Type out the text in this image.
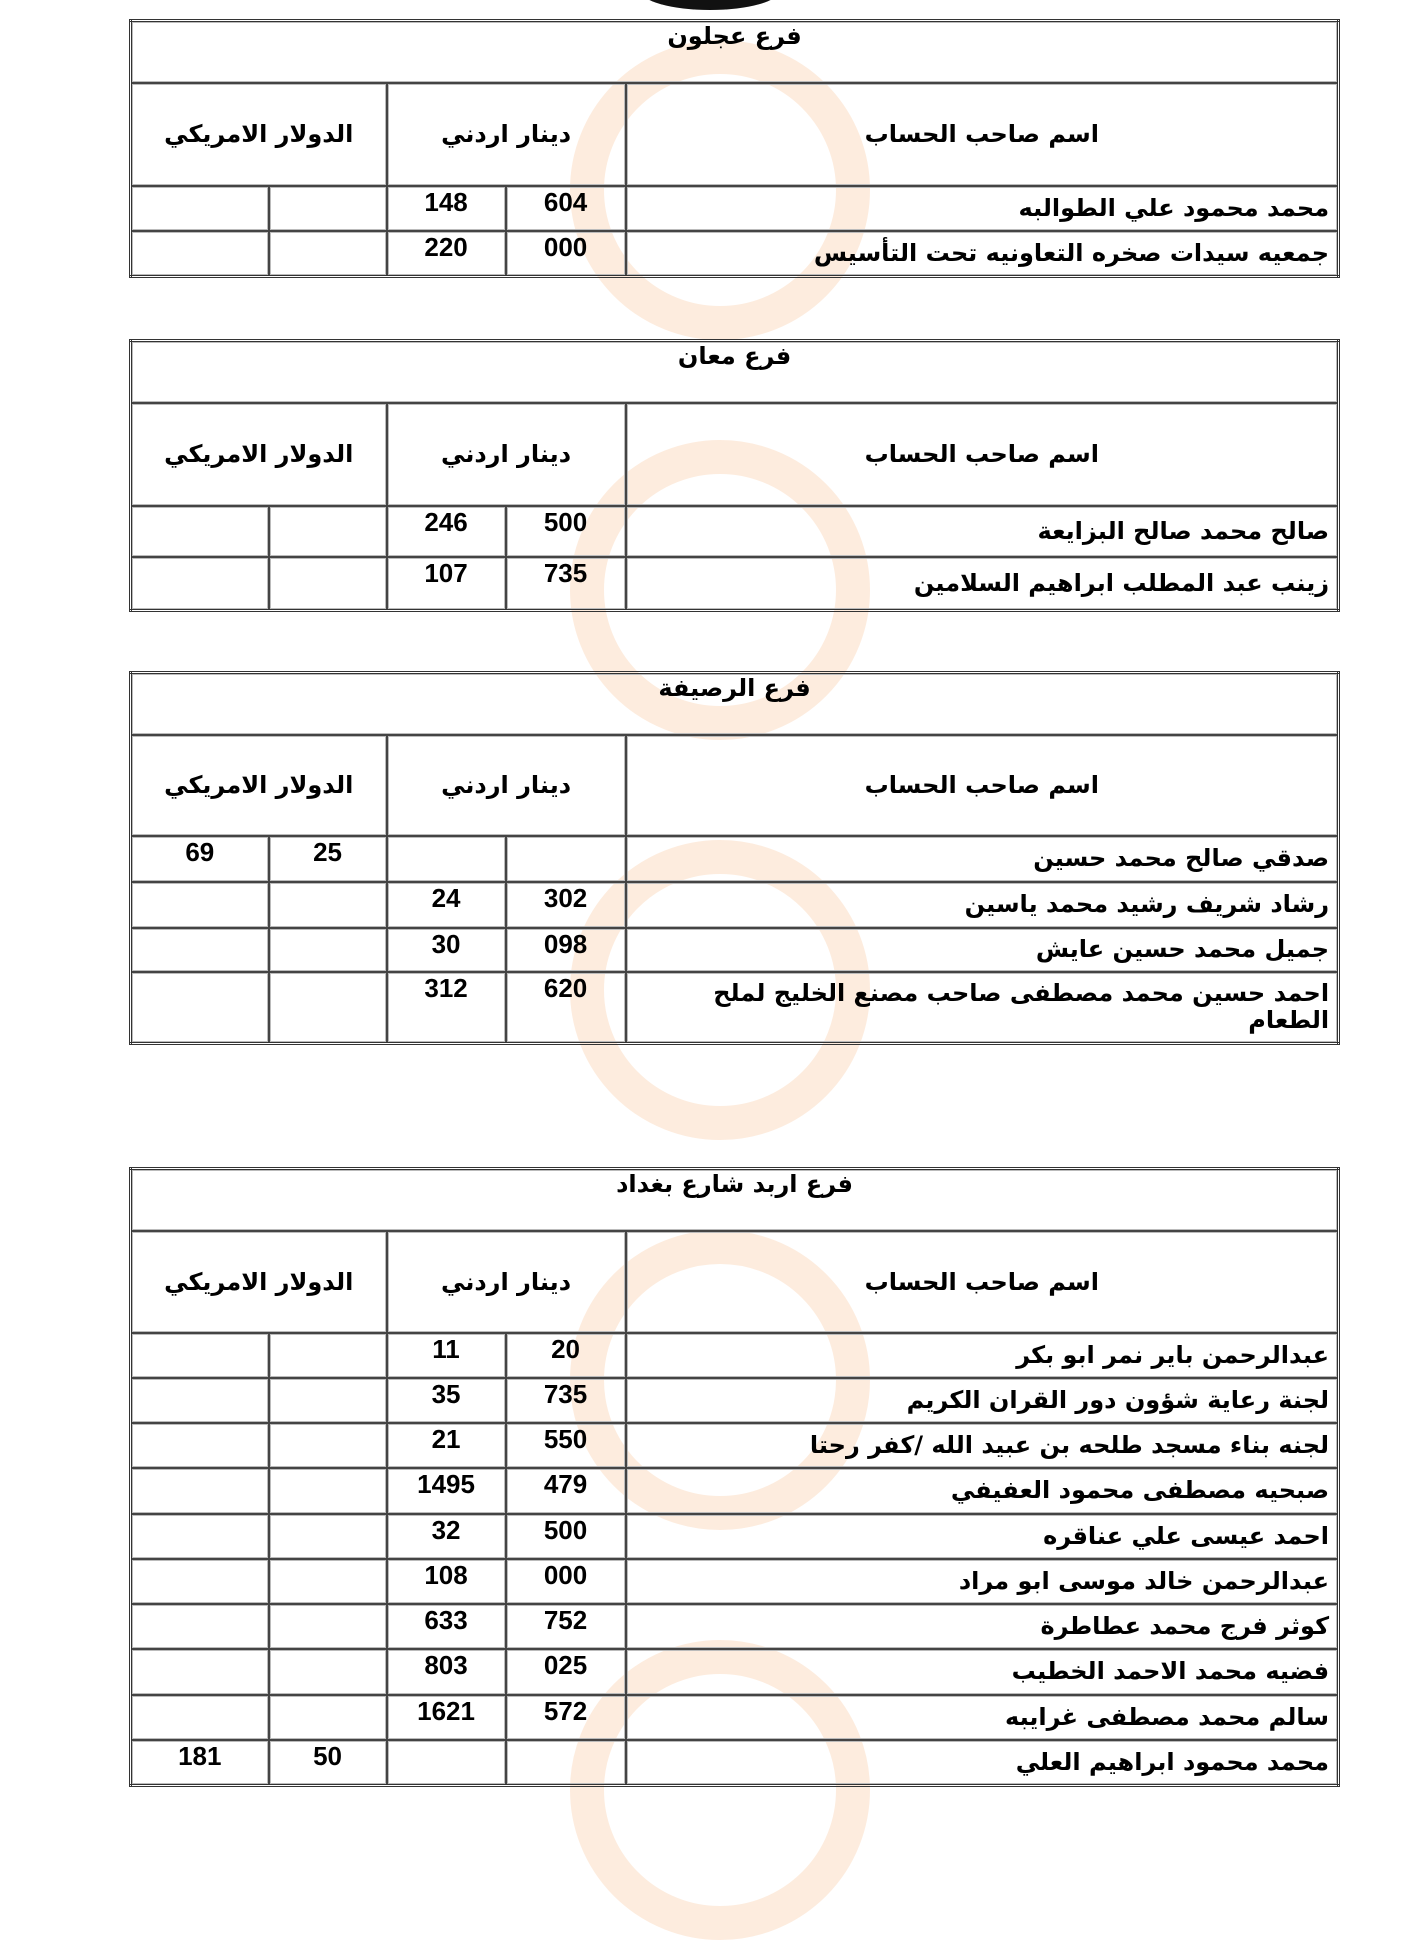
فرع عجلون				
اسم صاحب الحساب	دينار اردني		الدولار الامريكي	
محمد محمود علي الطوالبه	604	148		
جمعيه سيدات صخره التعاونيه تحت التأسيس	000	220		
فرع معان				
اسم صاحب الحساب	دينار اردني		الدولار الامريكي	
صالح محمد صالح البزايعة	500	246		
زينب عبد المطلب ابراهيم السلامين	735	107		
فرع الرصيفة				
اسم صاحب الحساب	دينار اردني		الدولار الامريكي	
صدقي صالح محمد حسين			25	69
رشاد شريف رشيد محمد ياسين	302	24		
جميل محمد حسين عايش	098	30		
احمد حسين محمد مصطفى صاحب مصنع الخليج لملح الطعام	620	312		
فرع اربد شارع بغداد				
اسم صاحب الحساب	دينار اردني		الدولار الامريكي	
عبدالرحمن باير نمر ابو بكر	20	11		
لجنة رعاية شؤون دور القران الكريم	735	35		
لجنه بناء مسجد طلحه بن عبيد الله /كفر رحتا	550	21		
صبحيه مصطفى محمود العفيفي	479	1495		
احمد عيسى علي عناقره	500	32		
عبدالرحمن خالد موسى ابو مراد	000	108		
كوثر فرج محمد عطاطرة	752	633		
فضيه محمد الاحمد الخطيب	025	803		
سالم محمد مصطفى غرايبه	572	1621		
محمد محمود ابراهيم العلي			50	181
